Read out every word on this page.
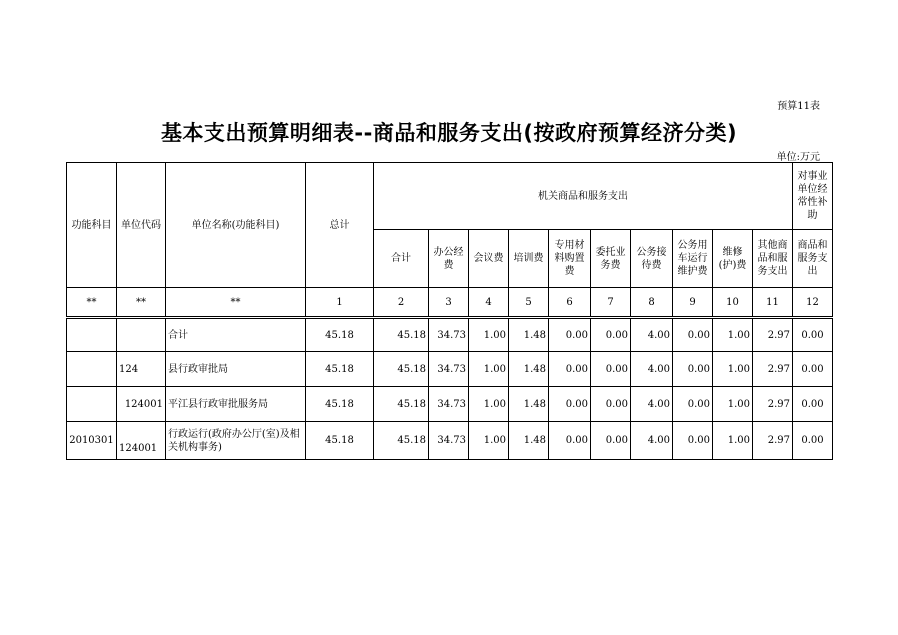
预算11表
基本支出预算明细表--商品和服务支出(按政府预算经济分类)
单位:万元
功能科目	单位代码	单位名称(功能科目)	总计	机关商品和服务支出										对事业单位经常性补助
				合计	办公经费	会议费	培训费	专用材料购置费	委托业务费	公务接待费	公务用车运行维护费	维修(护)费	其他商品和服务支出	商品和服务支出
**	**	**	1	2	3	4	5	6	7	8	9	10	11	12
		合计	45.18	45.18	34.73	1.00	1.48	0.00	0.00	4.00	0.00	1.00	2.97	0.00
	124	县行政审批局	45.18	45.18	34.73	1.00	1.48	0.00	0.00	4.00	0.00	1.00	2.97	0.00
	124001	平江县行政审批服务局	45.18	45.18	34.73	1.00	1.48	0.00	0.00	4.00	0.00	1.00	2.97	0.00
2010301	124001	行政运行(政府办公厅(室)及相关机构事务)	45.18	45.18	34.73	1.00	1.48	0.00	0.00	4.00	0.00	1.00	2.97	0.00
